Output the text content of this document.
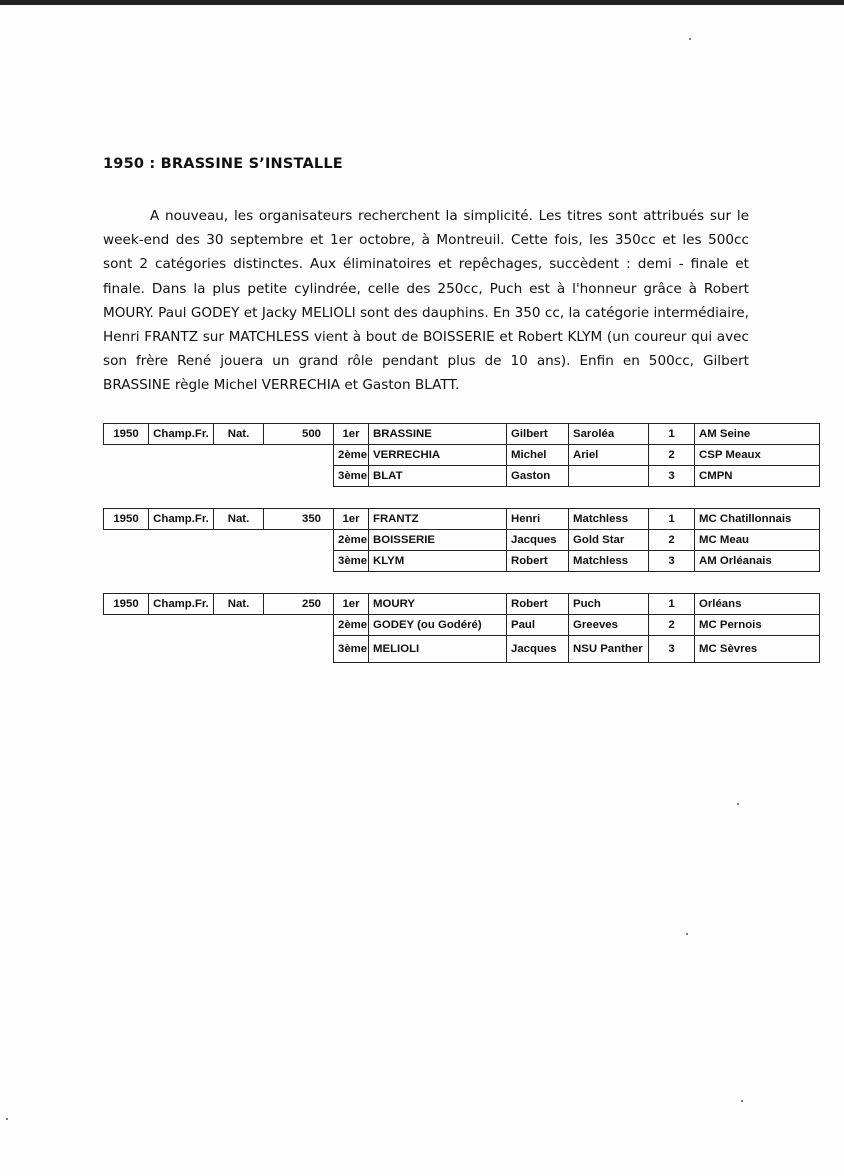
1950 : BRASSINE S’INSTALLE
A nouveau, les organisateurs recherchent la simplicité. Les titres sont attribués sur le week-end des 30 septembre et 1er octobre, à Montreuil. Cette fois, les 350cc et les 500cc sont 2 catégories distinctes. Aux éliminatoires et repêchages, succèdent : demi - finale et finale. Dans la plus petite cylindrée, celle des 250cc, Puch est à l'honneur grâce à Robert MOURY. Paul GODEY et Jacky MELIOLI sont des dauphins. En 350 cc, la catégorie intermédiaire, Henri FRANTZ sur MATCHLESS vient à bout de BOISSERIE et Robert KLYM (un coureur qui avec son frère René jouera un grand rôle pendant plus de 10 ans). Enfin en 500cc, Gilbert BRASSINE règle Michel VERRECHIA et Gaston BLATT.
1950	Champ.Fr.	Nat.	500	1er	BRASSINE	Gilbert	Saroléa	1	AM Seine
				2ème	VERRECHIA	Michel	Ariel	2	CSP Meaux
				3ème	BLAT	Gaston		3	CMPN
1950	Champ.Fr.	Nat.	350	1er	FRANTZ	Henri	Matchless	1	MC Chatillonnais
				2ème	BOISSERIE	Jacques	Gold Star	2	MC Meau
				3ème	KLYM	Robert	Matchless	3	AM Orléanais
1950	Champ.Fr.	Nat.	250	1er	MOURY	Robert	Puch	1	Orléans
				2ème	GODEY (ou Godéré)	Paul	Greeves	2	MC Pernois
				3ème	MELIOLI	Jacques	NSU Panther	3	MC Sèvres
